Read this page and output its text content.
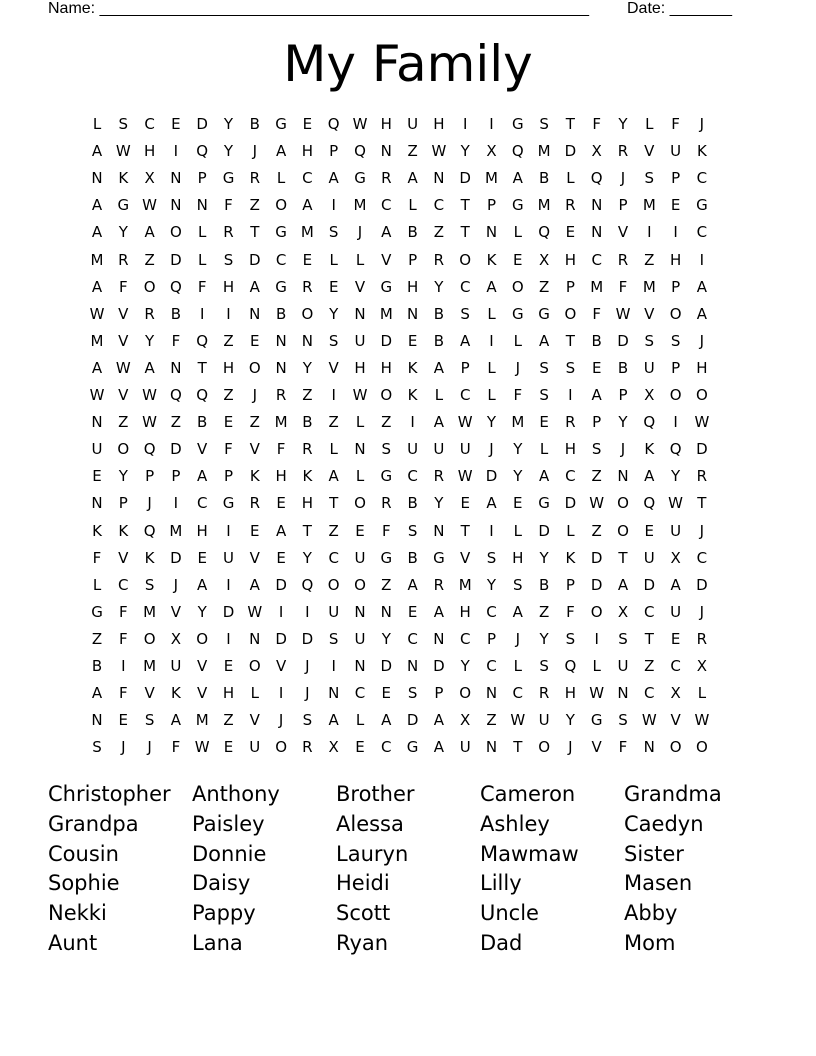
Name: _______________________________________________________ Date: _______
My Family
L	S	C	E	D	Y	B	G	E	Q W H	U	H	I	I	G	S	T	F	Y	L	F	J
A W H	I	Q	Y	J	A	H	P	Q N	Z W Y	X	Q M D	X	R	V	U	K
N	K	X	N	P	G	R	L	C	A	G	R	A	N D M A	B	L	Q	J	S	P	C
A	G W N	N	F	Z	O	A	I	M C	L	C	T	P	G M R	N	P	M	E	G
A	Y	A	O	L	R	T	G M	S	J	A	B	Z	T	N	L	Q	E	N	V	I	I	C
M R	Z	D	L	S	D	C	E	L	L	V	P	R	O	K	E	X	H	C	R	Z	H	I
A	F	O Q	F	H	A	G	R	E	V	G H	Y	C	A	O	Z	P	M	F	M	P	A
W V	R	B	I	I	N	B	O	Y	N M N	B	S	L	G G O	F W V	O	A
M V	Y	F	Q	Z	E	N	N	S	U	D	E	B	A	I	L	A	T	B	D	S	S	J
A W A	N	T	H O N	Y	V	H	H	K	A	P	L	J	S	S	E	B	U	P	H
W V W Q Q	Z	J	R	Z	I	W O	K	L	C	L	F	S	I	A	P	X	O O
N	Z W Z	B	E	Z M B	Z	L	Z	I	A W Y	M	E	R	P	Y	Q	I	W
U O Q D	V	F	V	F	R	L	N	S	U	U	U	J	Y	L	H	S	J	K	Q D
E	Y	P	P	A	P	K	H	K	A	L	G	C	R W D	Y	A	C	Z	N	A	Y	R
N	P	J	I	C	G	R	E	H	T	O	R	B	Y	E	A	E	G D W O Q W T
K	K	Q M H	I	E	A	T	Z	E	F	S	N	T	I	L	D	L	Z	O	E	U	J
F	V	K	D	E	U	V	E	Y	C	U	G	B	G	V	S	H	Y	K	D	T	U	X	C
L	C	S	J	A	I	A	D Q O O	Z	A	R M	Y	S	B	P	D	A	D	A	D
G	F	M V	Y	D W	I	I	U	N	N	E	A	H	C	A	Z	F	O	X	C	U	J
Z	F	O	X	O	I	N D D	S	U	Y	C	N	C	P	J	Y	S	I	S	T	E	R
B	I	M U	V	E	O	V	J	I	N D N D	Y	C	L	S	Q	L	U	Z	C	X
A	F	V	K	V	H	L	I	J	N	C	E	S	P	O N	C	R	H W N	C	X	L
N	E	S	A M Z	V	J	S	A	L	A	D	A	X	Z W U	Y	G	S W V W
S	J	J	F W E	U O	R	X	E	C	G	A	U	N	T	O	J	V	F	N O O
Christopher Anthony	Brother	Cameron Grandma
Grandpa	Paisley	Alessa	Ashley	Caedyn
Cousin	Donnie	Lauryn	Mawmaw Sister
Sophie	Daisy	Heidi	Lilly	Masen
Nekki	Pappy	Scott	Uncle	Abby
Aunt	Lana	Ryan	Dad	Mom
